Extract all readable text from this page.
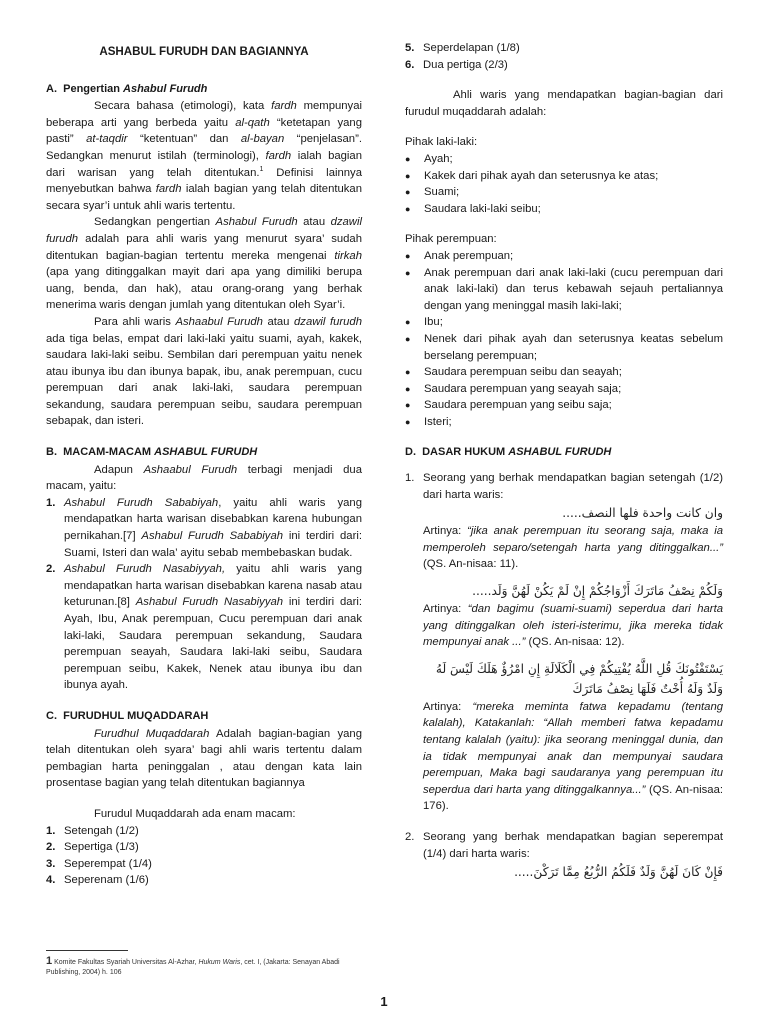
ASHABUL FURUDH DAN BAGIANNYA
A.  Pengertian Ashabul Furudh

Secara bahasa (etimologi), kata fardh mempunyai beberapa arti yang berbeda yaitu al-qath “ketetapan yang pasti” at-taqdir “ketentuan” dan al-bayan “penjelasan”. Sedangkan menurut istilah (terminologi), fardh ialah bagian dari warisan yang telah ditentukan.$^1$ Definisi lainnya menyebutkan bahwa fardh ialah bagian yang telah ditentukan secara syar’i untuk ahli waris tertentu.

Sedangkan pengertian Ashabul Furudh atau dzawil furudh adalah para ahli waris yang menurut syara’ sudah ditentukan bagian-bagian tertentu mereka mengenai tirkah (apa yang ditinggalkan mayit dari apa yang dimiliki berupa uang, benda, dan hak), atau orang-orang yang berhak menerima waris dengan jumlah yang ditentukan oleh Syar’i.

Para ahli waris Ashaabul Furudh atau dzawil furudh ada tiga belas, empat dari laki-laki yaitu suami, ayah, kakek, saudara laki-laki seibu. Sembilan dari perempuan yaitu nenek atau ibunya ibu dan ibunya bapak, ibu, anak perempuan, cucu perempuan dari anak laki-laki, saudara perempuan sekandung, saudara perempuan seibu, saudara perempuan sebapak, dan isteri.

B.  MACAM-MACAM ASHABUL FURUDH

Adapun Ashaabul Furudh terbagi menjadi dua macam, yaitu:

1. Ashabul Furudh Sababiyah, yaitu ahli waris yang mendapatkan harta warisan disebabkan karena hubungan pernikahan.[7] Ashabul Furudh Sababiyah ini terdiri dari: Suami, Isteri dan wala’ ayitu sebab membebaskan budak.
2. Ashabul Furudh Nasabiyyah, yaitu ahli waris yang mendapatkan harta warisan disebabkan karena nasab atau keturunan.[8] Ashabul Furudh Nasabiyyah ini terdiri dari: Ayah, Ibu, Anak perempuan, Cucu perempuan dari anak laki-laki, Saudara perempuan sekandung, Saudara perempuan seayah, Saudara laki-laki seibu, Saudara perempuan seibu, Kakek, Nenek atau ibunya ibu dan ibunya ayah.
C.  FURUDHUL MUQADDARAH

Furudhul Muqaddarah Adalah bagian-bagian yang telah ditentukan oleh syara’ bagi ahli waris tertentu dalam pembagian harta peninggalan , atau dengan kata lain prosentase bagian yang telah ditentukan bagiannya

Furudul Muqaddarah ada enam macam:

1. Setengah (1/2)
2. Sepertiga (1/3)
3. Seperempat (1/4)
4. Seperenam (1/6)
5. Seperdelapan (1/8)
6. Dua pertiga (2/3)

Ahli waris yang mendapatkan bagian-bagian dari furudul muqaddarah adalah:

Pihak laki-laki:

● Ayah;
● Kakek dari pihak ayah dan seterusnya ke atas;
● Suami;
● Saudara laki-laki seibu;

Pihak perempuan:

● Anak perempuan;
● Anak perempuan dari anak laki-laki (cucu perempuan dari anak laki-laki) dan terus kebawah sejauh pertaliannya dengan yang meninggal masih laki-laki;
● Ibu;
● Nenek dari pihak ayah dan seterusnya keatas sebelum berselang perempuan;
● Saudara perempuan seibu dan seayah;
● Saudara perempuan yang seayah saja;
● Saudara perempuan yang seibu saja;
● Isteri;
D.  DASAR HUKUM ASHABUL FURUDH
1. Seorang yang berhak mendapatkan bagian setengah (1/2) dari harta waris:
وان كانت واحدة فلها النصف.....

Artinya: “jika anak perempuan itu seorang saja, maka ia memperoleh separo/setengah harta yang ditinggalkan...” (QS. An-nisaa: 11).

وَلَكُمْ نِصْفُ مَاتَرَكَ أَزْوَاجُكُمْ إِنْ لَمْ يَكُنْ لَهُنَّ وَلَد.....

Artinya: “dan bagimu (suami-suami) seperdua dari harta yang ditinggalkan oleh isteri-isterimu, jika mereka tidak mempunyai anak ...” (QS. An-nisaa: 12).

يَسْتَفْتُونَكَ قُلِ اللَّهُ يُفْتِيكُمْ فِي الْكَلَالَةِ إِنِ امْرُؤٌ هَلَكَ لَيْسَ لَهُ وَلَدٌ وَلَهُ أُخْتٌ فَلَهَا نِصْفُ مَاتَرَكَ

Artinya: “mereka meminta fatwa kepadamu (tentang kalalah), Katakanlah: “Allah memberi fatwa kepadamu tentang kalalah (yaitu): jika seorang meninggal dunia, dan ia tidak mempunyai anak dan mempunyai saudara perempuan, Maka bagi saudaranya yang perempuan itu seperdua dari harta yang ditinggalkannya...” (QS. An-nisaa: 176).

2. Seorang yang berhak mendapatkan bagian seperempat (1/4) dari harta waris:
فَإِنْ كَانَ لَهُنَّ وَلَدٌ فَلَكُمُ الرُّبُعُ مِمَّا تَرَكْنَ.....
1 Komite Fakultas Syariah Universitas Al-Azhar, Hukum Waris, cet. I, (Jakarta: Senayan Abadi Publishing, 2004) h. 106
1
